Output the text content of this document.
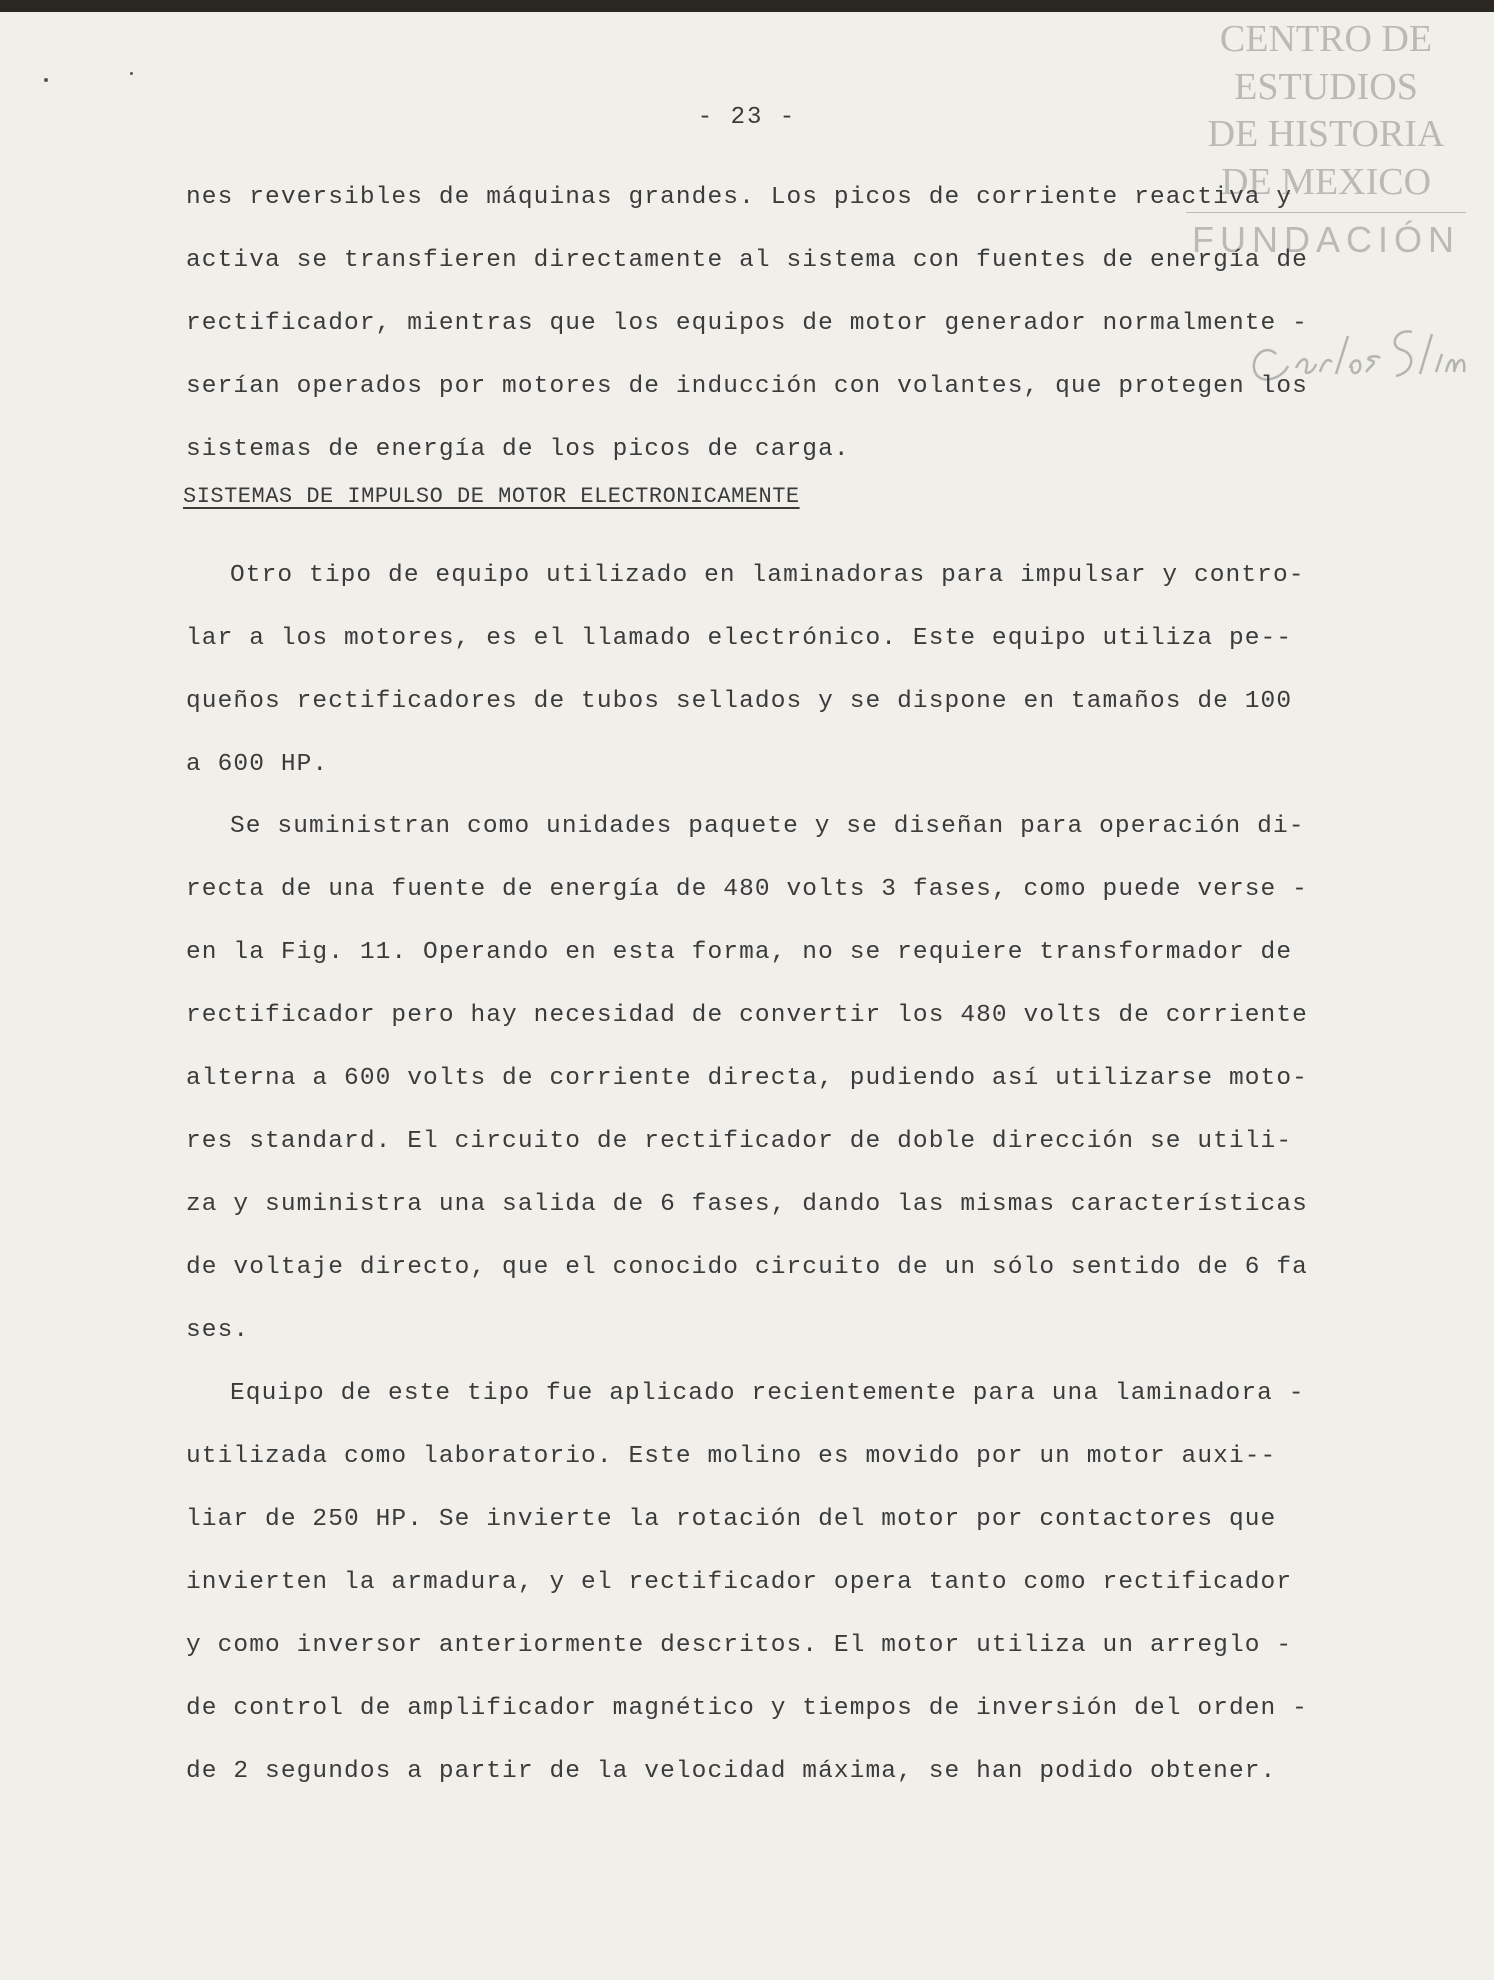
CENTRO DE
ESTUDIOS
DE HISTORIA
DE MEXICO
FUNDACIÓN
- 23 -
nes reversibles de máquinas grandes. Los picos de corriente reactiva y
activa se transfieren directamente al sistema con fuentes de energía de
rectificador, mientras que los equipos de motor generador normalmente -
serían operados por motores de inducción con volantes, que protegen los
sistemas de energía de los picos de carga.
SISTEMAS DE IMPULSO DE MOTOR ELECTRONICAMENTE
Otro tipo de equipo utilizado en laminadoras para impulsar y contro-
lar a los motores, es el llamado electrónico. Este equipo utiliza pe--
queños rectificadores de tubos sellados y se dispone en tamaños de 100
a 600 HP.
Se suministran como unidades paquete y se diseñan para operación di-
recta de una fuente de energía de 480 volts 3 fases, como puede verse -
en la Fig. 11. Operando en esta forma, no se requiere transformador de
rectificador pero hay necesidad de convertir los 480 volts de corriente
alterna a 600 volts de corriente directa, pudiendo así utilizarse moto-
res standard. El circuito de rectificador de doble dirección se utili-
za y suministra una salida de 6 fases, dando las mismas características
de voltaje directo, que el conocido circuito de un sólo sentido de 6 fa
ses.
Equipo de este tipo fue aplicado recientemente para una laminadora -
utilizada como laboratorio. Este molino es movido por un motor auxi--
liar de 250 HP. Se invierte la rotación del motor por contactores que
invierten la armadura, y el rectificador opera tanto como rectificador
y como inversor anteriormente descritos. El motor utiliza un arreglo -
de control de amplificador magnético y tiempos de inversión del orden -
de 2 segundos a partir de la velocidad máxima, se han podido obtener.
